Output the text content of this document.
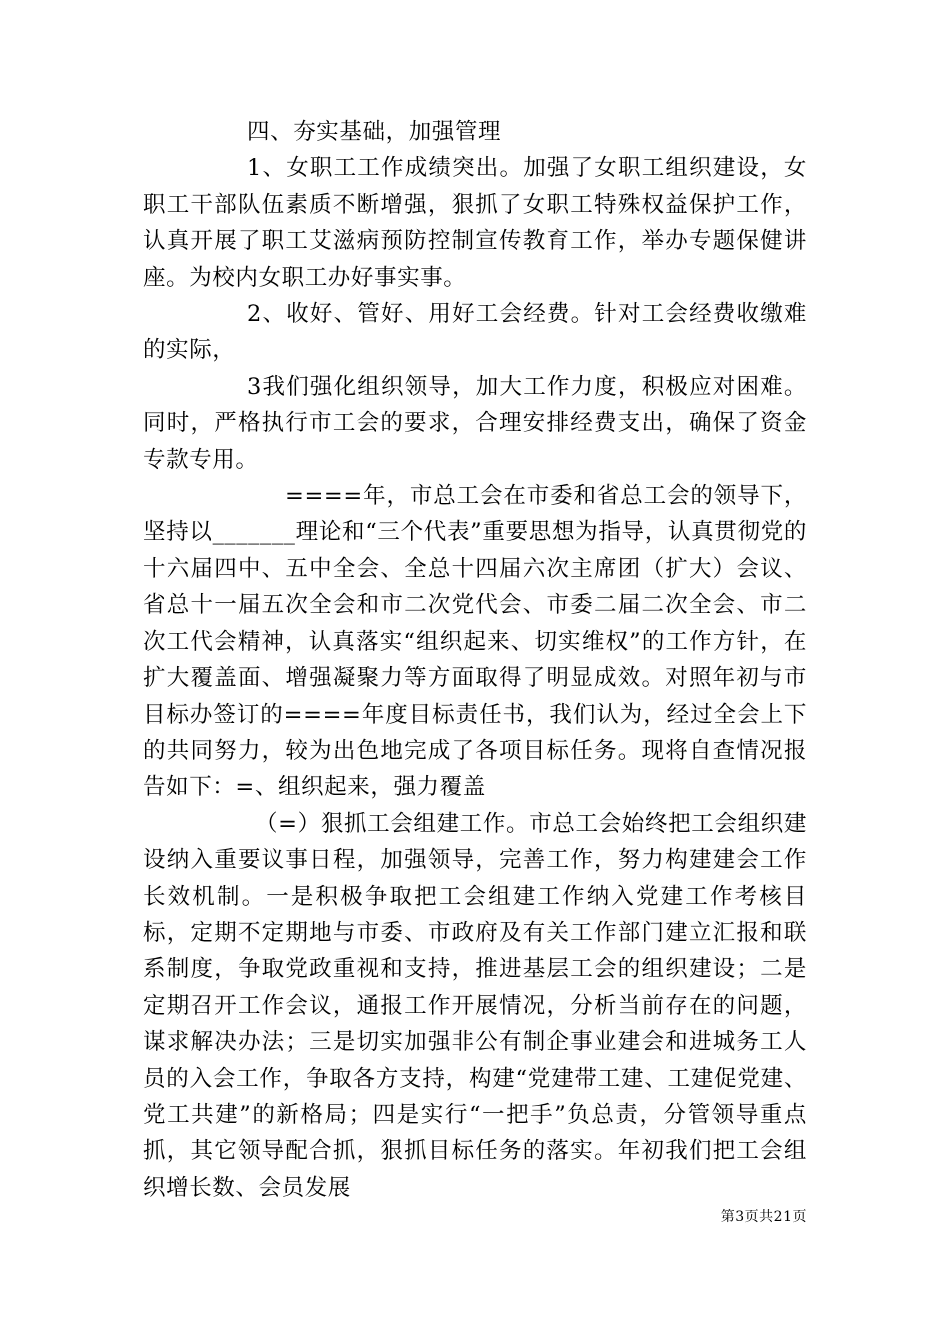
四、夯实基础，加强管理

1、女职工工作成绩突出。加强了女职工组织建设，女职工干部队伍素质不断增强，狠抓了女职工特殊权益保护工作，认真开展了职工艾滋病预防控制宣传教育工作，举办专题保健讲座。为校内女职工办好事实事。

2、收好、管好、用好工会经费。针对工会经费收缴难的实际，

3我们强化组织领导，加大工作力度，积极应对困难。同时，严格执行市工会的要求，合理安排经费支出，确保了资金专款专用。

====年，市总工会在市委和省总工会的领导下，坚持以_______理论和“三个代表”重要思想为指导，认真贯彻党的十六届四中、五中全会、全总十四届六次主席团（扩大）会议、省总十一届五次全会和市二次党代会、市委二届二次全会、市二次工代会精神，认真落实“组织起来、切实维权”的工作方针，在扩大覆盖面、增强凝聚力等方面取得了明显成效。对照年初与市目标办签订的====年度目标责任书，我们认为，经过全会上下的共同努力，较为出色地完成了各项目标任务。现将自查情况报告如下：=、组织起来，强力覆盖

（=）狠抓工会组建工作。市总工会始终把工会组织建设纳入重要议事日程，加强领导，完善工作，努力构建建会工作长效机制。一是积极争取把工会组建工作纳入党建工作考核目标，定期不定期地与市委、市政府及有关工作部门建立汇报和联系制度，争取党政重视和支持，推进基层工会的组织建设；二是定期召开工作会议，通报工作开展情况，分析当前存在的问题，谋求解决办法；三是切实加强非公有制企事业建会和进城务工人员的入会工作，争取各方支持，构建“党建带工建、工建促党建、党工共建”的新格局；四是实行“一把手”负总责，分管领导重点抓，其它领导配合抓，狠抓目标任务的落实。年初我们把工会组织增长数、会员发展

第3页共21页
